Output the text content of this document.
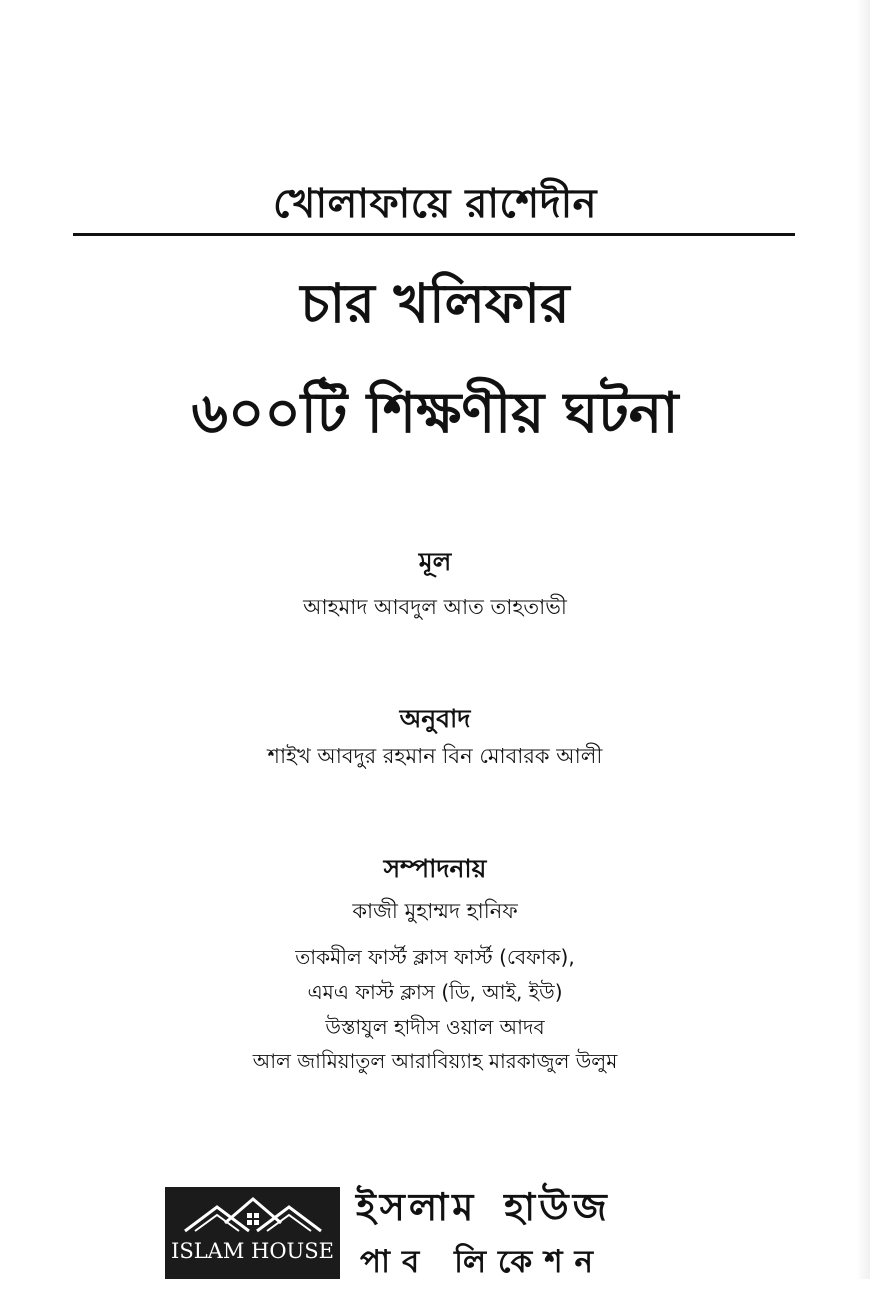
খোলাফায়ে রাশেদীন
চার খলিফার
৬০০টি শিক্ষণীয় ঘটনা
মূল
আহমাদ আবদুল আত তাহতাভী
অনুবাদ
শাইখ আবদুর রহমান বিন মোবারক আলী
সম্পাদনায়
কাজী মুহাম্মদ হানিফ
তাকমীল ফার্স্ট ক্লাস ফার্স্ট (বেফাক),
এমএ ফাস্ট ক্লাস (ডি, আই, ইউ)
উস্তাযুল হাদীস ওয়াল আদব
আল জামিয়াতুল আরাবিয়্যাহ মারকাজুল উলুম
ISLAM HOUSE
ইসলাম হাউজ
পাব লিকেশন
